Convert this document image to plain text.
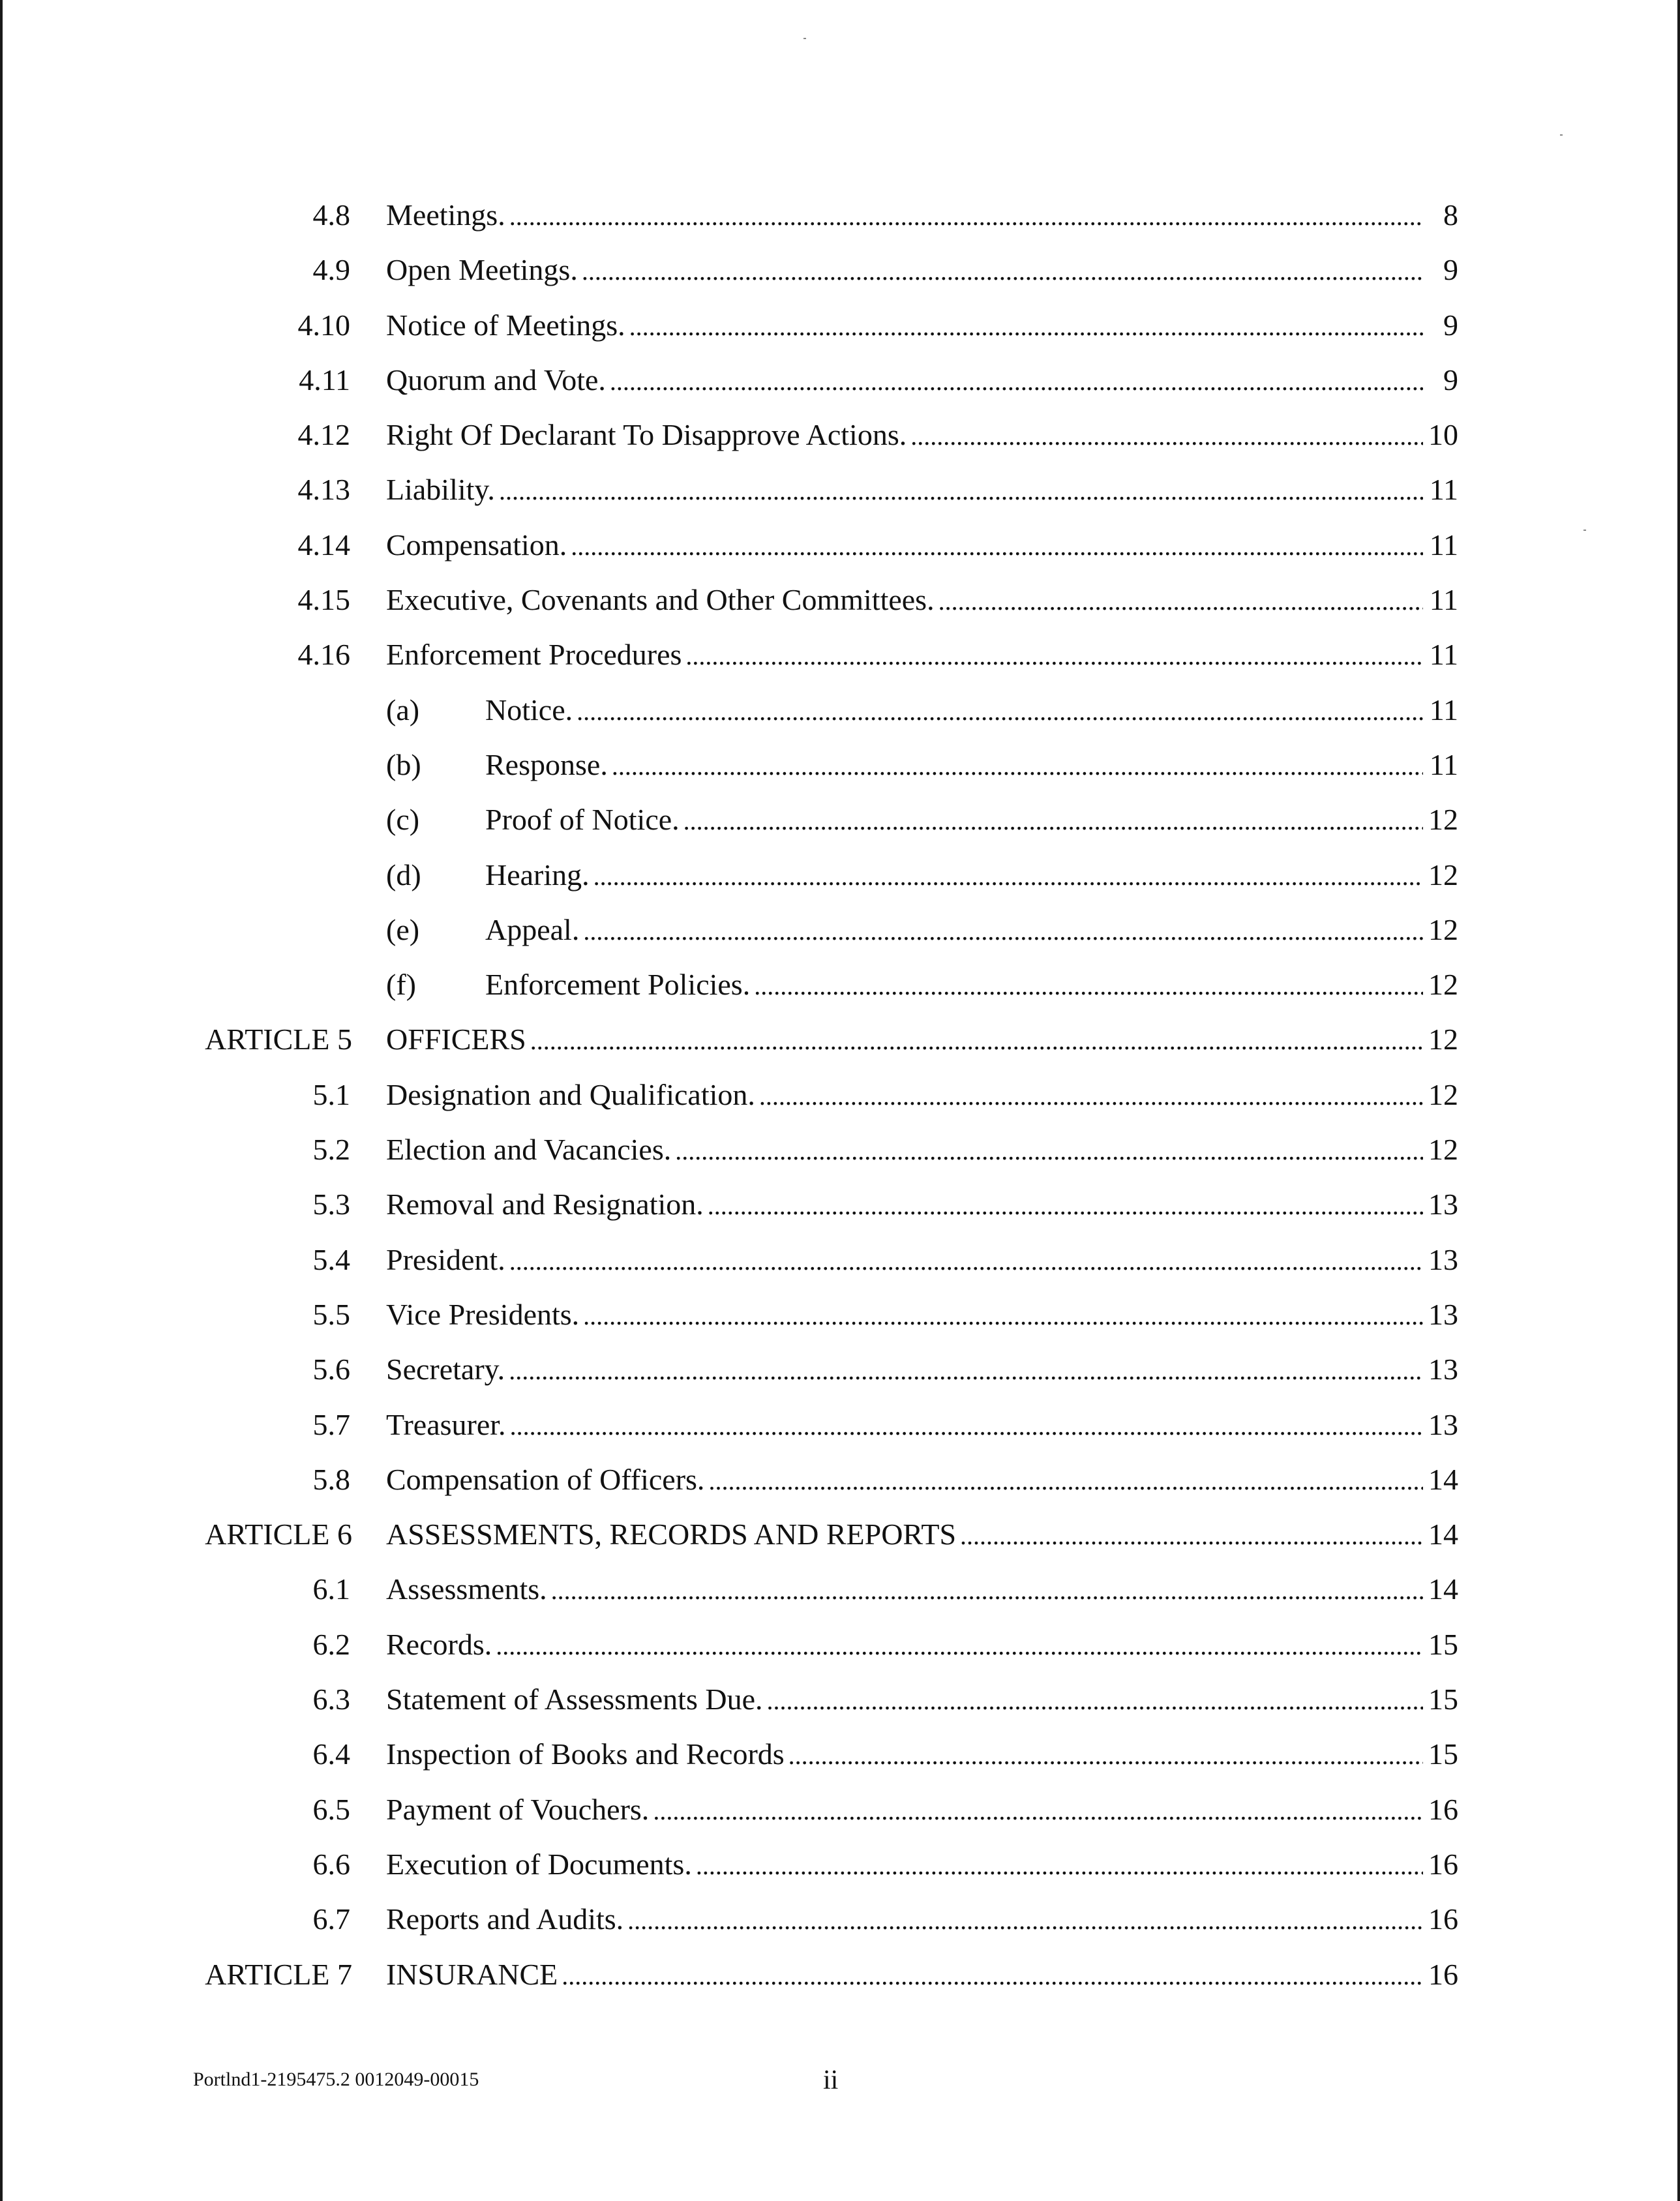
4.8 Meetings. . . .	8
4.9 Open Meetings. . . .	9
4.10 Notice of Meetings. . . .	9
4.11 Quorum and Vote. . . .	9
4.12 Right Of Declarant To Disapprove Actions. . . .	10
4.13 Liability. . . .	11
4.14 Compensation. . . .	11
4.15 Executive, Covenants and Other Committees. . . .	11
4.16 Enforcement Procedures . . .	11
(a) Notice. . . .	11
(b) Response. . . .	11
(c) Proof of Notice. . . .	12
(d) Hearing. . . .	12
(e) Appeal. . . .	12
(f) Enforcement Policies. . . .	12
ARTICLE 5 OFFICERS . . .	12
5.1 Designation and Qualification. . . .	12
5.2 Election and Vacancies. . . .	12
5.3 Removal and Resignation. . . .	13
5.4 President. . . .	13
5.5 Vice Presidents. . . .	13
5.6 Secretary. . . .	13
5.7 Treasurer. . . .	13
5.8 Compensation of Officers. . . .	14
ARTICLE 6 ASSESSMENTS, RECORDS AND REPORTS . . .	14
6.1 Assessments. . . .	14
6.2 Records. . . .	15
6.3 Statement of Assessments Due. . . .	15
6.4 Inspection of Books and Records . . .	15
6.5 Payment of Vouchers. . . .	16
6.6 Execution of Documents. . . .	16
6.7 Reports and Audits. . . .	16
ARTICLE 7 INSURANCE . . .	16
Portlnd1-2195475.2 0012049-00015	ii
